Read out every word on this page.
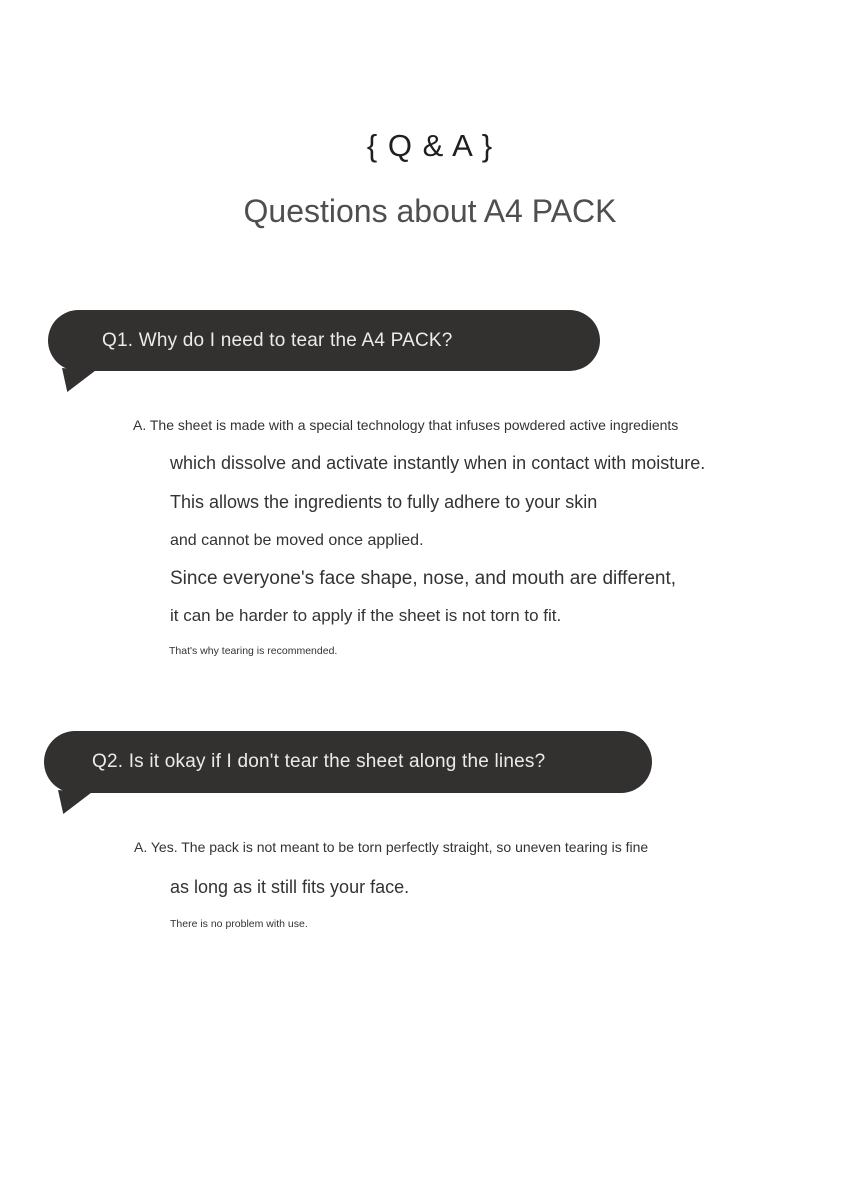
{ Q & A }
Questions about A4 PACK
Q1. Why do I need to tear the A4 PACK?

A. The sheet is made with a special technology that infuses powdered active ingredients

which dissolve and activate instantly when in contact with moisture.

This allows the ingredients to fully adhere to your skin

and cannot be moved once applied.

Since everyone's face shape, nose, and mouth are different,

it can be harder to apply if the sheet is not torn to fit.

That's why tearing is recommended.

Q2. Is it okay if I don't tear the sheet along the lines?

A. Yes. The pack is not meant to be torn perfectly straight, so uneven tearing is fine

as long as it still fits your face.

There is no problem with use.
